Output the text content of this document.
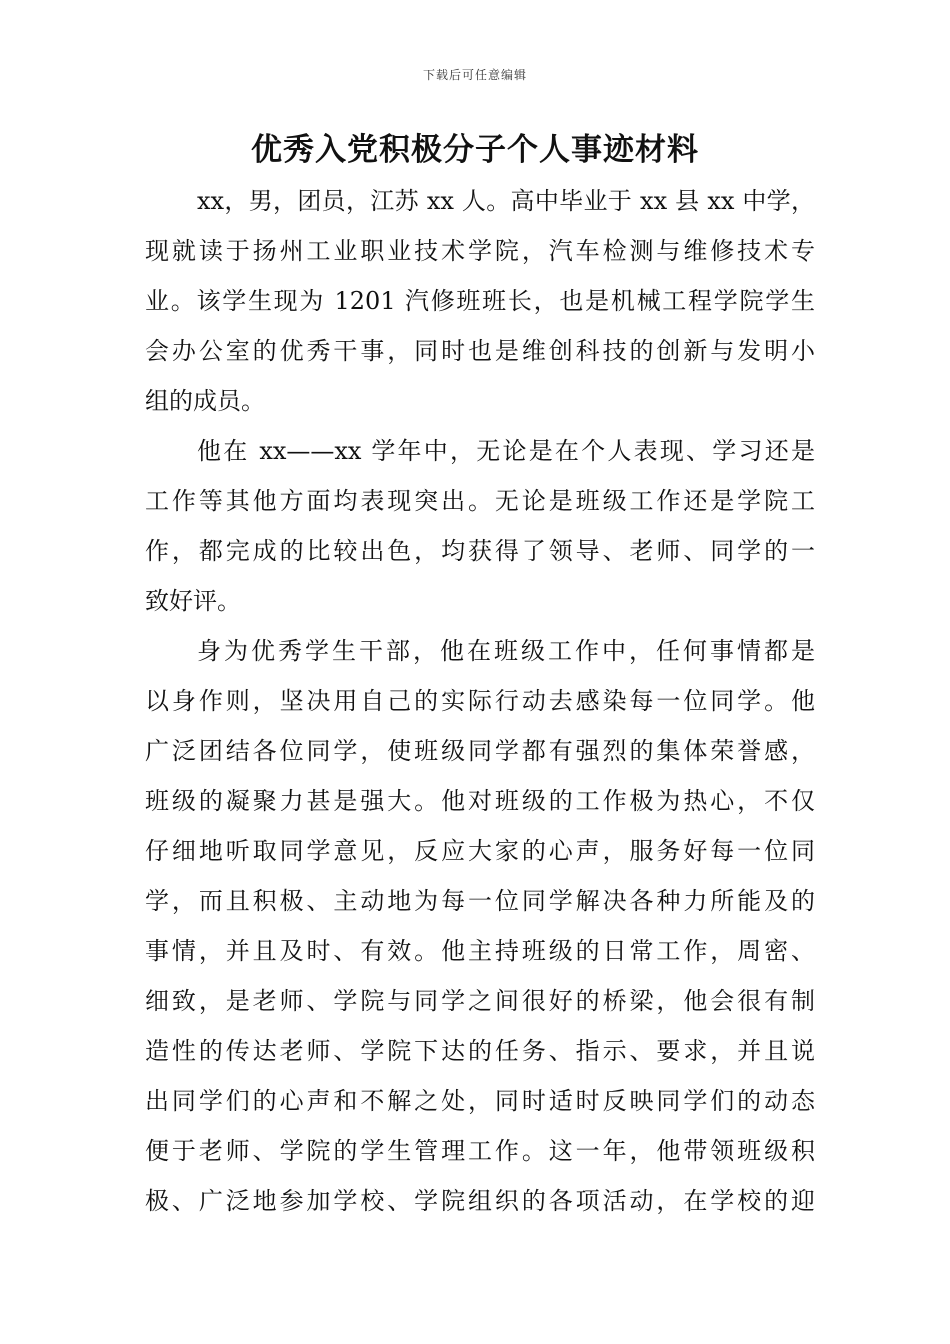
下载后可任意编辑
优秀入党积极分子个人事迹材料
xx，男，团员，江苏 xx 人。高中毕业于 xx 县 xx 中学，
现就读于扬州工业职业技术学院，汽车检测与维修技术专
业。该学生现为 1201 汽修班班长，也是机械工程学院学生
会办公室的优秀干事，同时也是维创科技的创新与发明小
组的成员。
他在 xx——xx 学年中，无论是在个人表现、学习还是
工作等其他方面均表现突出。无论是班级工作还是学院工
作，都完成的比较出色，均获得了领导、老师、同学的一
致好评。
身为优秀学生干部，他在班级工作中，任何事情都是
以身作则，坚决用自己的实际行动去感染每一位同学。他
广泛团结各位同学，使班级同学都有强烈的集体荣誉感，
班级的凝聚力甚是强大。他对班级的工作极为热心，不仅
仔细地听取同学意见，反应大家的心声，服务好每一位同
学，而且积极、主动地为每一位同学解决各种力所能及的
事情，并且及时、有效。他主持班级的日常工作，周密、
细致，是老师、学院与同学之间很好的桥梁，他会很有制
造性的传达老师、学院下达的任务、指示、要求，并且说
出同学们的心声和不解之处，同时适时反映同学们的动态
便于老师、学院的学生管理工作。这一年，他带领班级积
极、广泛地参加学校、学院组织的各项活动，在学校的迎
